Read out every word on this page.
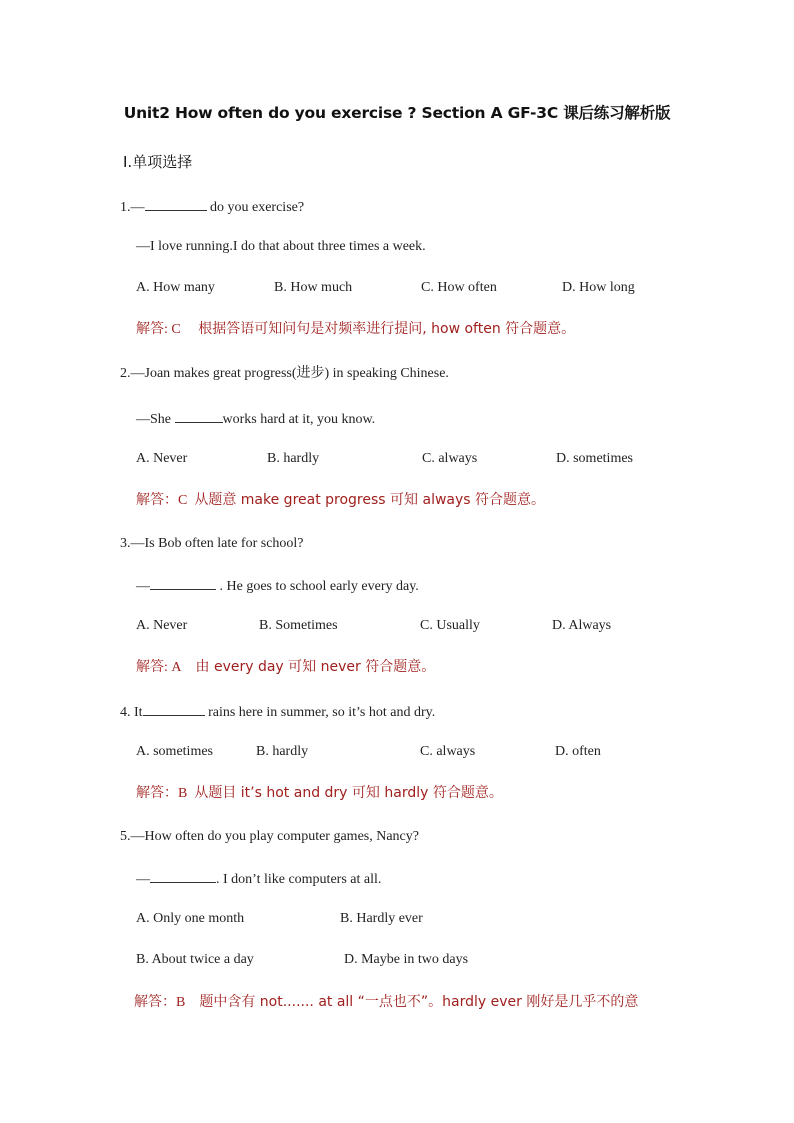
Unit2 How often do you exercise ? Section A GF-3C 课后练习解析版
Ⅰ.单项选择
1.—	do you exercise?
—I love running.I do that about three times a week.
A. How many	B. How much	C. How often	D. How long
解答: C 根据答语可知问句是对频率进行提问, how often 符合题意。
2.—Joan makes great progress(进步) in speaking Chinese.
—She	works hard at it, you know.
A. Never	B. hardly	C. always	D. sometimes
解答：C 从题意 make great progress 可知 always 符合题意。
3.—Is Bob often late for school?
—	. He goes to school early every day.
A. Never	B. Sometimes	C. Usually	D. Always
解答: A 由 every day 可知 never 符合题意。
4. It	rains here in summer, so it’s hot and dry.
A. sometimes	B. hardly	C. always	D. often
解答：B 从题目 it’s hot and dry 可知 hardly 符合题意。
5.—How often do you play computer games, Nancy?
—	. I don’t like computers at all.
A. Only one month	B. Hardly ever
B. About twice a day	D. Maybe in two days
解答：B 题中含有 not....... at all “一点也不”。hardly ever 刚好是几乎不的意
